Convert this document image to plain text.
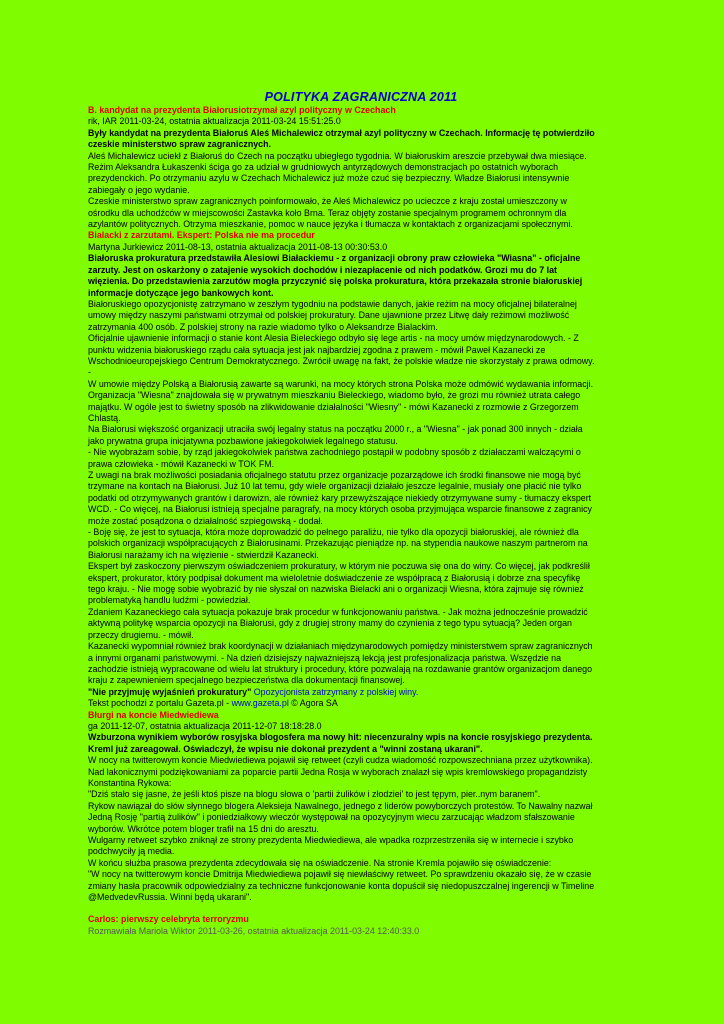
POLITYKA ZAGRANICZNA 2011

B. kandydat na prezydenta Białorusiotrzymał azyl polityczny w Czechach

rik, IAR 2011-03-24, ostatnia aktualizacja 2011-03-24 15:51:25.0

Były kandydat na prezydenta Białoruś Aleś Michalewicz otrzymał azyl polityczny w Czechach. Informację tę potwierdziło czeskie ministerstwo spraw zagranicznych.

Aleś Michalewicz uciekł z Białoruś do Czech na początku ubiegłego tygodnia. W białoruskim areszcie przebywał dwa miesiące. Reżim Aleksandra Łukaszenki ścigа go za udział w grudniowych antyrządowych demonstracjach po ostatnich wyborach prezydenckich. Po otrzymaniu azylu w Czechach Michalewicz już może czuć się bezpieczny. Władze Białorusi intensywnie zabiegały o jego wydanie.

Czeskie ministerstwo spraw zagranicznych poinformowało, że Aleś Michalewicz po ucieczce z kraju został umieszczony w ośrodku dla uchodźców w miejscowości Zastavka koło Brna. Teraz objęty zostanie specjalnym programem ochronnym dla azylantów politycznych. Otrzyma mieszkanie, pomoc w nauce języka i tłumacza w kontaktach z organizacjami społecznymi.

Bialacki z zarzutami. Ekspert: Polska nie ma procedur

Martyna Jurkiewicz 2011-08-13, ostatnia aktualizacja 2011-08-13 00:30:53.0

Białoruska prokuratura przedstawiła Alesiowi Białackiemu - z organizacji obrony praw człowieka "Wiasna" - oficjalne zarzuty. Jest on oskarżony o zatajenie wysokich dochodów i niezapłacenie od nich podatków. Grozi mu do 7 lat więzienia. Do przedstawienia zarzutów mogła przyczynić się polska prokuratura, która przekazała stronie białoruskiej informacje dotyczące jego bankowych kont.

Białoruskiego opozycjonistę zatrzymano w zeszłym tygodniu na podstawie danych, jakie reżim na mocy oficjalnej bilateralnej umowy między naszymi państwami otrzymał od polskiej prokuratury. Dane ujawnione przez Litwę dały reżimowi możliwość zatrzymania 400 osób. Z polskiej strony na razie wiadomo tylko o Aleksandrze Bialackim.

Oficjalnie ujawnienie informacji o stanie kont Alesia Bieleckiego odbyło się lege artis - na mocy umów międzynarodowych. - Z punktu widzenia białoruskiego rządu cała sytuacja jest jak najbardziej zgodna z prawem - mówił Paweł Kazanecki ze Wschodnioeuropejskiego Centrum Demokratycznego. Zwrócił uwagę na fakt, że polskie władze nie skorzystały z prawa odmowy. -

W umowie między Polską a Białorusią zawarte są warunki, na mocy których strona Polska może odmówić wydawania informacji. Organizacja "Wiesna" znajdowała się w prywatnym mieszkaniu Bieleckiego, wiadomo było, że grozi mu również utrata całego majątku. W ogóle jest to świetny sposób na zlikwidowanie działalności "Wiesny" - mówi Kazanecki z rozmowie z Grzegorzem Chlastą.

Na Białorusi większość organizacji utraciła swój legalny status na początku 2000 r., a "Wiesna" - jak ponad 300 innych - działa jako prywatna grupa inicjatywna pozbawione jakiegokolwiek legalnego statusu.

- Nie wyobrażam sobie, by rząd jakiegokolwiek państwa zachodniego postąpił w podobny sposób z działaczami walczącymi o prawa człowieka - mówił Kazanecki w TOK FM.

Z uwagi na brak możliwości posiadania oficjalnego statutu przez organizacje pozarządowe ich środki finansowe nie mogą być trzymane na kontach na Białorusi. Już 10 lat temu, gdy wiele organizacji działało jeszcze legalnie, musiały one płacić nie tylko podatki od otrzymywanych grantów i darowizn, ale również kary przewyższające niekiedy otrzymywane sumy - tłumaczy ekspert WCD. - Co więcej, na Białorusi istnieją specjalne paragrafy, na mocy których osoba przyjmująca wsparcie finansowe z zagranicy może zostać posądzona o działalność szpiegowską - dodał.

- Boję się, że jest to sytuacja, która może doprowadzić do pełnego paraliżu, nie tylko dla opozycji białoruskiej, ale również dla polskich organizacji współpracujących z Białorusinami. Przekazując pieniądze np. na stypendia naukowe naszym partnerom na Białorusi narażamy ich na więzienie - stwierdził Kazanecki.

Ekspert był zaskoczony pierwszym oświadczeniem prokuratury, w którym nie poczuwa się ona do winy. Co więcej, jak podkreślił ekspert, prokurator, który podpisał dokument ma wieloletnie doświadczenie ze współpracą z Białorusią i dobrze zna specyfikę tego kraju. - Nie mogę sobie wyobrazić by nie słyszał on nazwiska Bielacki ani o organizacji Wiesna, która zajmuje się również problematyką handlu ludźmi - powiedział.

Zdaniem Kazaneckiego cała sytuacja pokazuje brak procedur w funkcjonowaniu państwa. - Jak można jednocześnie prowadzić aktywną politykę wsparcia opozycji na Białorusi, gdy z drugiej strony mamy do czynienia z tego typu sytuacją? Jeden organ przeczy drugiemu. - mówił.

Kazanecki wypomniał również brak koordynacji w działaniach międzynarodowych pomiędzy ministerstwem spraw zagranicznych a innymi organami państwowymi. - Na dzień dzisiejszy najważniejszą lekcją jest profesjonalizacja państwa. Wszędzie na zachodzie istnieją wypracowane od wielu lat struktury i procedury, które pozwalają na rozdawanie grantów organizacjom danego kraju z zapewnieniem specjalnego bezpieczeństwa dla dokumentacji finansowej.

"Nie przyjmuję wyjaśnień prokuratury" Opozycjonista zatrzymany z polskiej winy.

Tekst pochodzi z portalu Gazeta.pl - www.gazeta.pl © Agora SA

Błurgi na koncie Miedwiediewa

ga 2011-12-07, ostatnia aktualizacja 2011-12-07 18:18:28.0

Wzburzona wynikiem wyborów rosyjska blogosfera ma nowy hit: niecenzuralny wpis na koncie rosyjskiego prezydenta. Kreml już zareagował. Oświadczył, że wpisu nie dokonał prezydent a "winni zostaną ukarani".

W nocy na twitterowym koncie Miedwiediewa pojawił się retweet (czyli cudza wiadomość rozpowszechniana przez użytkownika). Nad lakonicznymi podziękowaniami za poparcie partii Jedna Rosja w wyborach znalazł się wpis kremlowskiego propagandzisty Konstantina Rykowa:

"Dziś stało się jasne, że jeśli ktoś pisze na blogu słowa o 'partii żulików i złodziei' to jest tępym, pier..nym baranem".

Rykow nawiązał do słów słynnego blogera Aleksieja Nawalnego, jednego z liderów powyborczych protestów. To Nawalny nazwał Jedną Rosję "partią żulików" i poniedziałkowy wieczór występował na opozycyjnym wiecu zarzucając władzom sfałszowanie wyborów. Wkrótce potem bloger trafił na 15 dni do aresztu.

Wulgarny retweet szybko zniknął ze strony prezydenta Miedwiediewa, ale wpadka rozprzestrzeniła się w internecie i szybko podchwyciły ją media.

W końcu służba prasowa prezydenta zdecydowała się na oświadczenie. Na stronie Kremla pojawiło się oświadczenie:

"W nocy na twitterowym koncie Dmitrija Miedwiediewa pojawił się niewłaściwy retweet. Po sprawdzeniu okazało się, że w czasie zmiany hasła pracownik odpowiedzialny za techniczne funkcjonowanie konta dopuścił się niedopuszczalnej ingerencji w Timeline @MedvedevRussia. Winni będą ukarani".

Carlos: pierwszy celebryta terroryzmu

Rozmawiała Mariola Wiktor 2011-03-26, ostatnia aktualizacja 2011-03-24 12:40:33.0
